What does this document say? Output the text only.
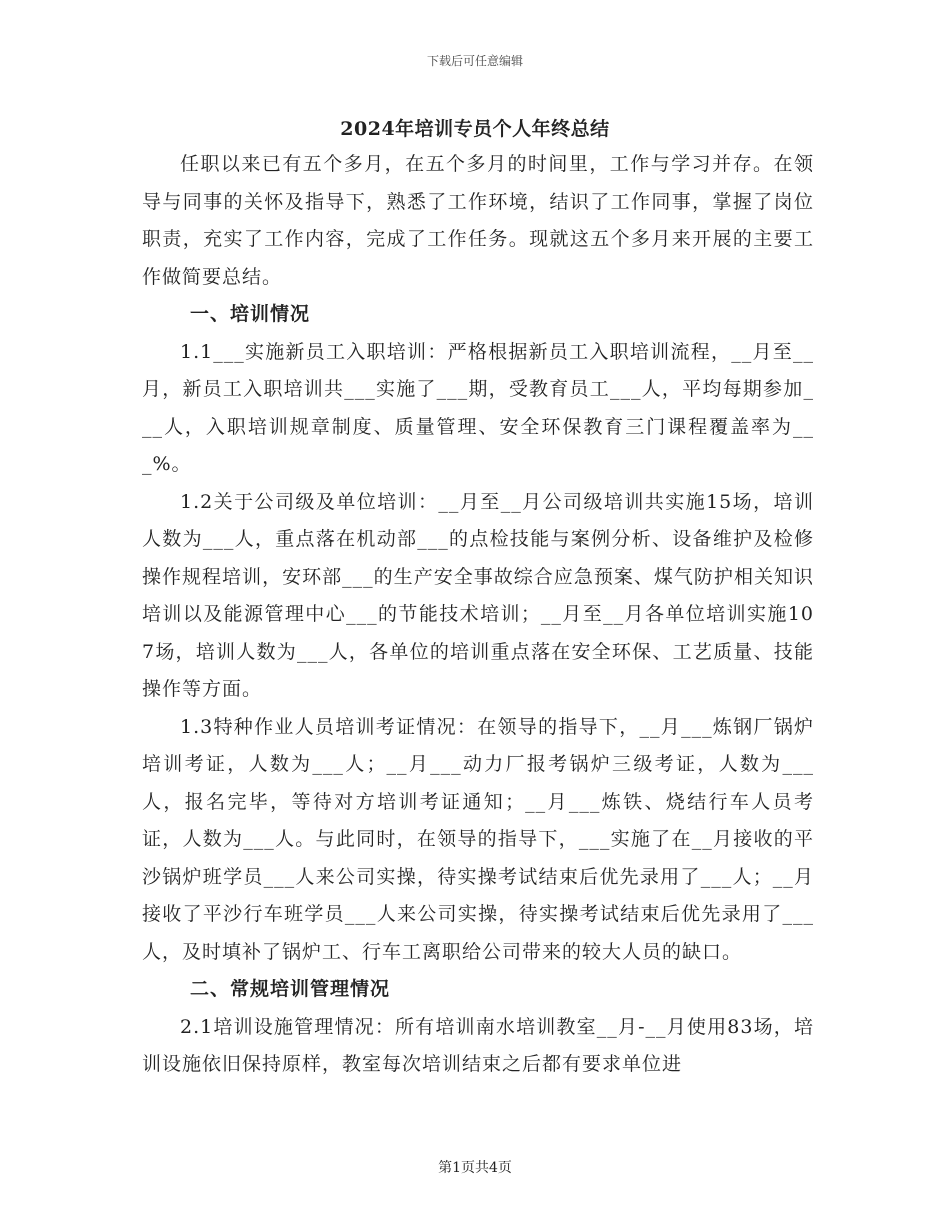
下载后可任意编辑
2024年培训专员个人年终总结

任职以来已有五个多月，在五个多月的时间里，工作与学习并存。在领导与同事的关怀及指导下，熟悉了工作环境，结识了工作同事，掌握了岗位职责，充实了工作内容，完成了工作任务。现就这五个多月来开展的主要工作做简要总结。

一、培训情况

1.1___实施新员工入职培训：严格根据新员工入职培训流程，__月至__月，新员工入职培训共___实施了___期，受教育员工___人，平均每期参加___人，入职培训规章制度、质量管理、安全环保教育三门课程覆盖率为___%。

1.2关于公司级及单位培训：__月至__月公司级培训共实施15场，培训人数为___人，重点落在机动部___的点检技能与案例分析、设备维护及检修操作规程培训，安环部___的生产安全事故综合应急预案、煤气防护相关知识培训以及能源管理中心___的节能技术培训；__月至__月各单位培训实施107场，培训人数为___人，各单位的培训重点落在安全环保、工艺质量、技能操作等方面。

1.3特种作业人员培训考证情况：在领导的指导下，__月___炼钢厂锅炉培训考证，人数为___人；__月___动力厂报考锅炉三级考证，人数为___人，报名完毕，等待对方培训考证通知；__月___炼铁、烧结行车人员考证，人数为___人。与此同时，在领导的指导下，___实施了在__月接收的平沙锅炉班学员___人来公司实操，待实操考试结束后优先录用了___人；__月接收了平沙行车班学员___人来公司实操，待实操考试结束后优先录用了___人，及时填补了锅炉工、行车工离职给公司带来的较大人员的缺口。

二、常规培训管理情况

2.1培训设施管理情况：所有培训南水培训教室__月-__月使用83场，培训设施依旧保持原样，教室每次培训结束之后都有要求单位进

第1页共4页
